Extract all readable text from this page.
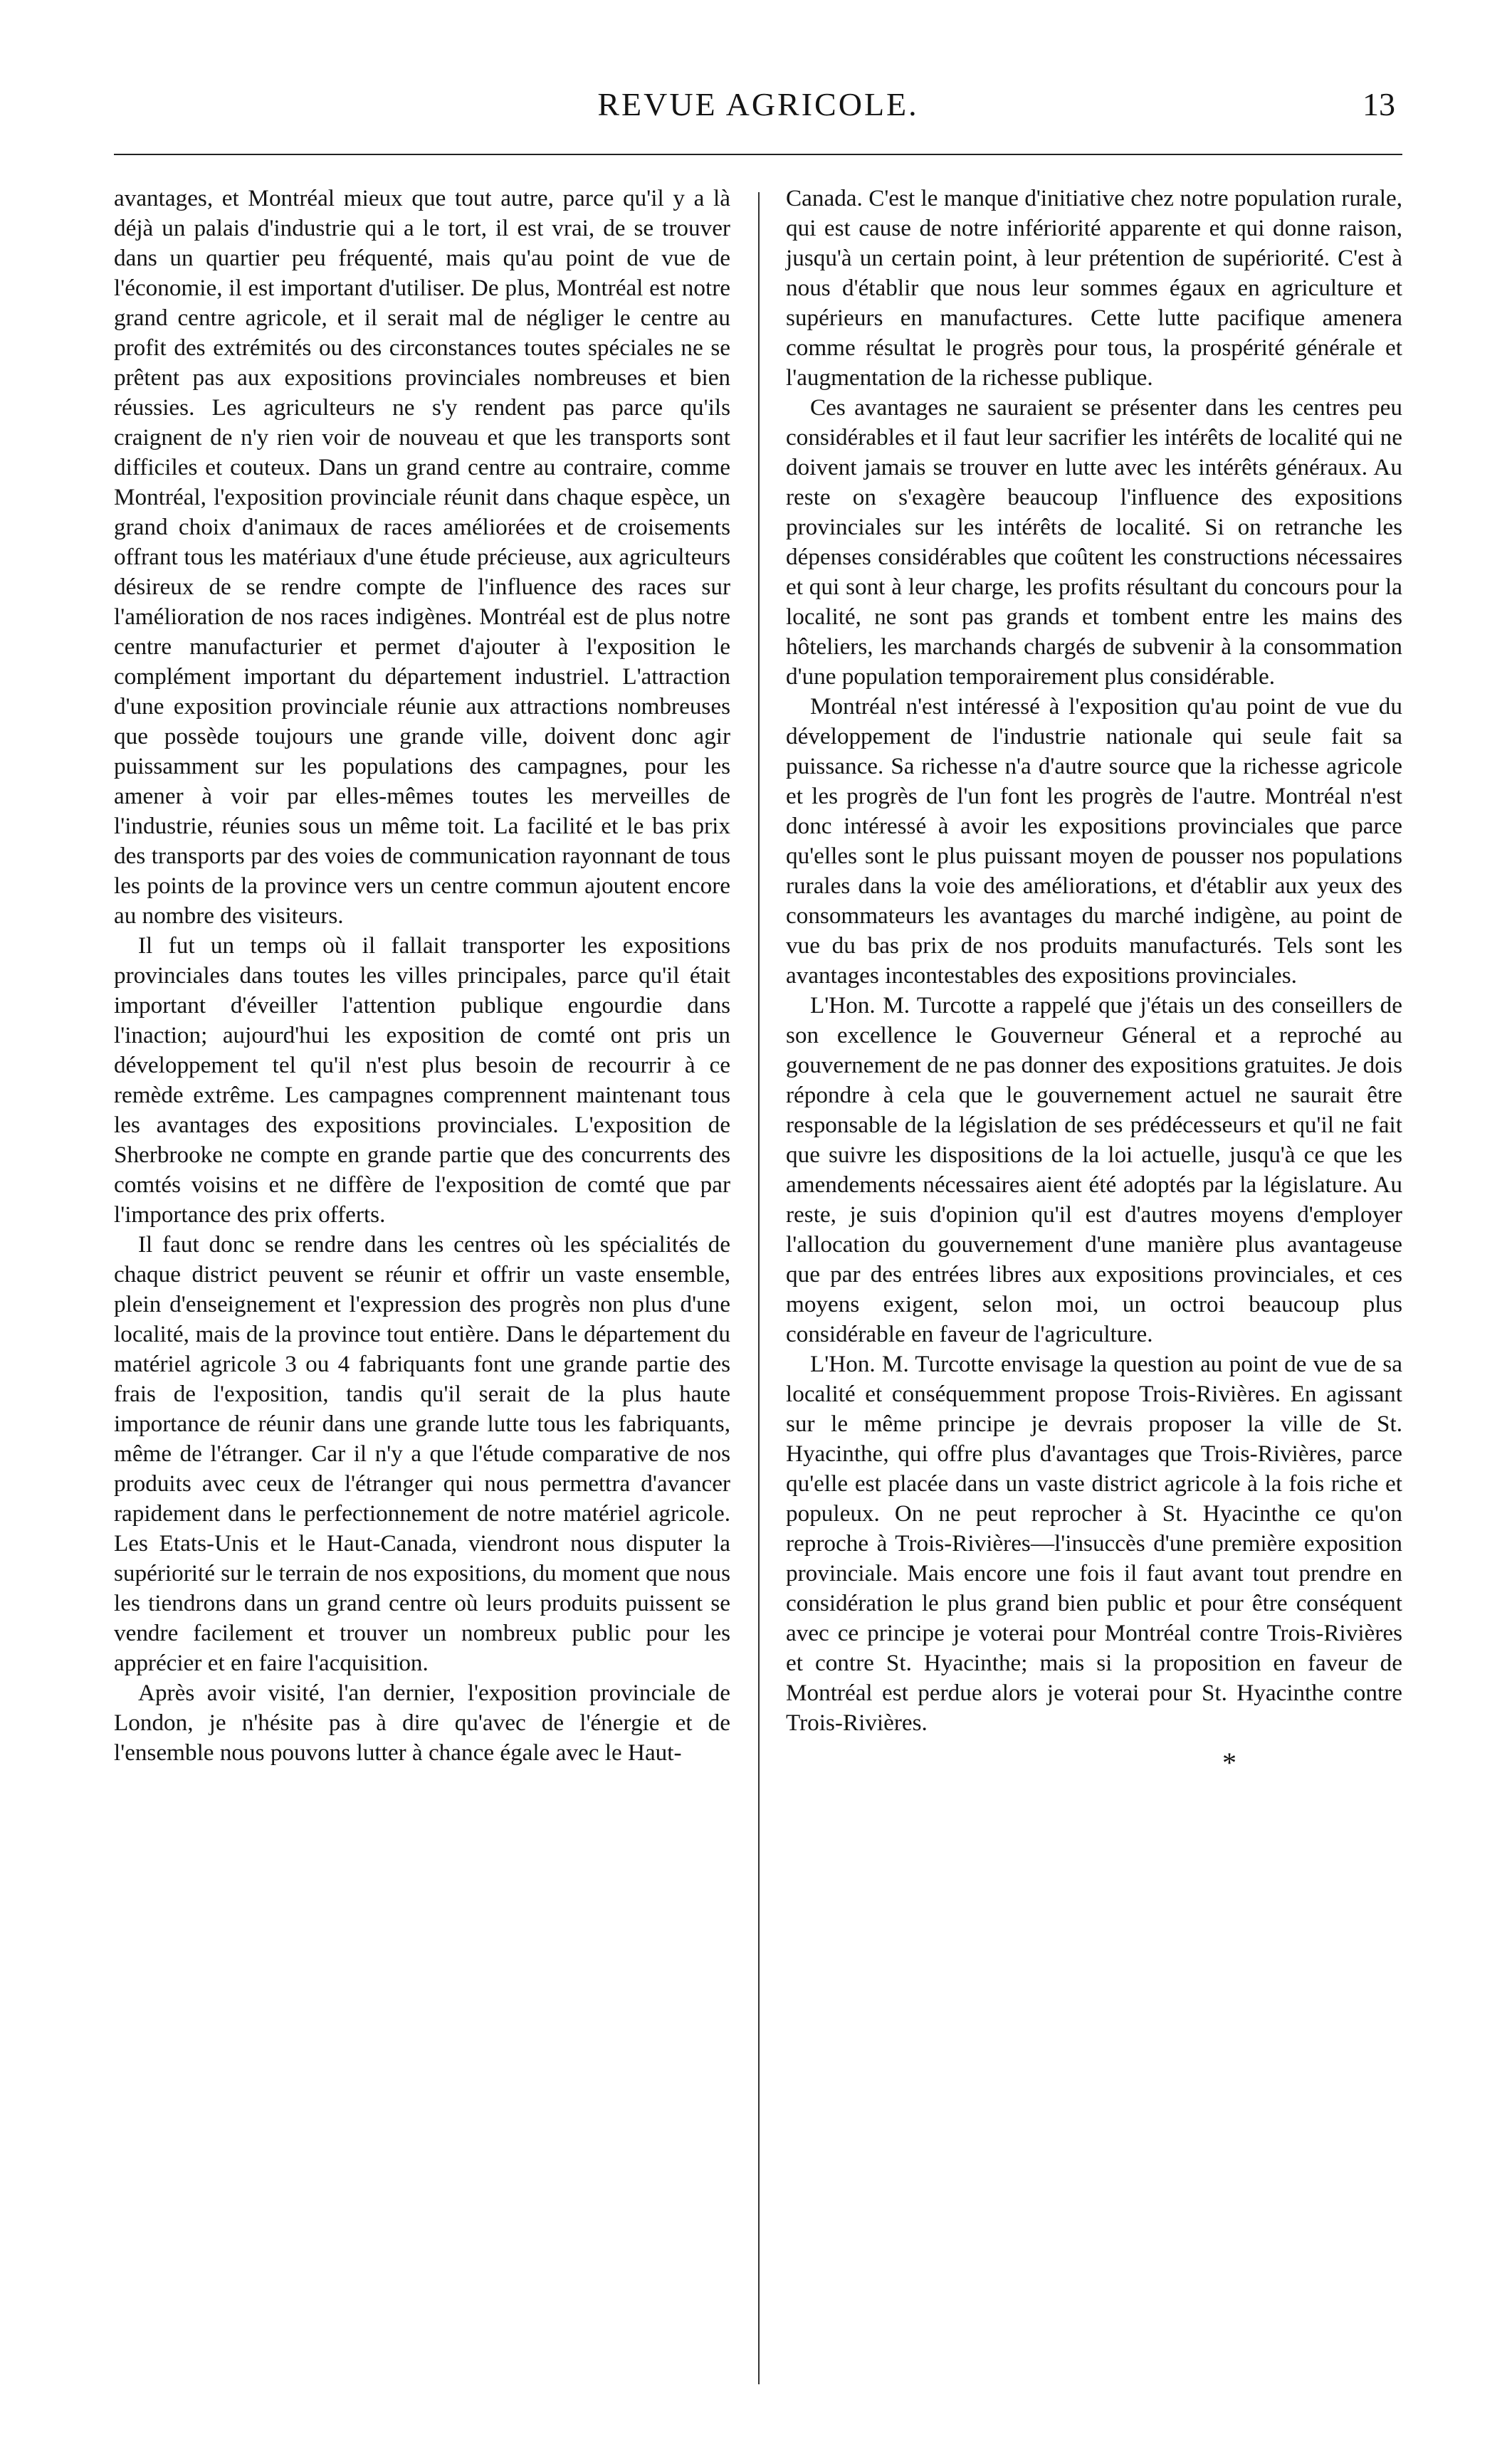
REVUE AGRICOLE.	13

avantages, et Montréal mieux que tout autre, parce qu'il y a là déjà un palais d'industrie qui a le tort, il est vrai, de se trouver dans un quartier peu fréquenté, mais qu'au point de vue de l'économie, il est important d'utiliser. De plus, Montréal est notre grand centre agricole, et il serait mal de négliger le centre au profit des extrémités ou des circonstances toutes spéciales ne se prêtent pas aux expositions provinciales nombreuses et bien réussies. Les agriculteurs ne s'y rendent pas parce qu'ils craignent de n'y rien voir de nouveau et que les transports sont difficiles et couteux. Dans un grand centre au contraire, comme Montréal, l'exposition provinciale réunit dans chaque espèce, un grand choix d'animaux de races améliorées et de croisements offrant tous les matériaux d'une étude précieuse, aux agriculteurs désireux de se rendre compte de l'influence des races sur l'amélioration de nos races indigènes. Montréal est de plus notre centre manufacturier et permet d'ajouter à l'exposition le complément important du département industriel. L'attraction d'une exposition provinciale réunie aux attractions nombreuses que possède toujours une grande ville, doivent donc agir puissamment sur les populations des campagnes, pour les amener à voir par elles-mêmes toutes les merveilles de l'industrie, réunies sous un même toit. La facilité et le bas prix des transports par des voies de communication rayonnant de tous les points de la province vers un centre commun ajoutent encore au nombre des visiteurs.

Il fut un temps où il fallait transporter les expositions provinciales dans toutes les villes principales, parce qu'il était important d'éveiller l'attention publique engourdie dans l'inaction; aujourd'hui les exposition de comté ont pris un développement tel qu'il n'est plus besoin de recourrir à ce remède extrême. Les campagnes comprennent maintenant tous les avantages des expositions provinciales. L'exposition de Sherbrooke ne compte en grande partie que des concurrents des comtés voisins et ne diffère de l'exposition de comté que par l'importance des prix offerts.

Il faut donc se rendre dans les centres où les spécialités de chaque district peuvent se réunir et offrir un vaste ensemble, plein d'enseignement et l'expression des progrès non plus d'une localité, mais de la province tout entière. Dans le département du matériel agricole 3 ou 4 fabriquants font une grande partie des frais de l'exposition, tandis qu'il serait de la plus haute importance de réunir dans une grande lutte tous les fabriquants, même de l'étranger. Car il n'y a que l'étude comparative de nos produits avec ceux de l'étranger qui nous permettra d'avancer rapidement dans le perfectionnement de notre matériel agricole. Les Etats-Unis et le Haut-Canada, viendront nous disputer la supériorité sur le terrain de nos expositions, du moment que nous les tiendrons dans un grand centre où leurs produits puissent se vendre facilement et trouver un nombreux public pour les apprécier et en faire l'acquisition.

Après avoir visité, l'an dernier, l'exposition provinciale de London, je n'hésite pas à dire qu'avec de l'énergie et de l'ensemble nous pouvons lutter à chance égale avec le Haut-

Canada. C'est le manque d'initiative chez notre population rurale, qui est cause de notre infériorité apparente et qui donne raison, jusqu'à un certain point, à leur prétention de supériorité. C'est à nous d'établir que nous leur sommes égaux en agriculture et supérieurs en manufactures. Cette lutte pacifique amenera comme résultat le progrès pour tous, la prospérité générale et l'augmentation de la richesse publique.

Ces avantages ne sauraient se présenter dans les centres peu considérables et il faut leur sacrifier les intérêts de localité qui ne doivent jamais se trouver en lutte avec les intérêts généraux. Au reste on s'exagère beaucoup l'influence des expositions provinciales sur les intérêts de localité. Si on retranche les dépenses considérables que coûtent les constructions nécessaires et qui sont à leur charge, les profits résultant du concours pour la localité, ne sont pas grands et tombent entre les mains des hôteliers, les marchands chargés de subvenir à la consommation d'une population temporairement plus considérable.

Montréal n'est intéressé à l'exposition qu'au point de vue du développement de l'industrie nationale qui seule fait sa puissance. Sa richesse n'a d'autre source que la richesse agricole et les progrès de l'un font les progrès de l'autre. Montréal n'est donc intéressé à avoir les expositions provinciales que parce qu'elles sont le plus puissant moyen de pousser nos populations rurales dans la voie des améliorations, et d'établir aux yeux des consommateurs les avantages du marché indigène, au point de vue du bas prix de nos produits manufacturés. Tels sont les avantages incontestables des expositions provinciales.

L'Hon. M. Turcotte a rappelé que j'étais un des conseillers de son excellence le Gouverneur Géneral et a reproché au gouvernement de ne pas donner des expositions gratuites. Je dois répondre à cela que le gouvernement actuel ne saurait être responsable de la législation de ses prédécesseurs et qu'il ne fait que suivre les dispositions de la loi actuelle, jusqu'à ce que les amendements nécessaires aient été adoptés par la législature. Au reste, je suis d'opinion qu'il est d'autres moyens d'employer l'allocation du gouvernement d'une manière plus avantageuse que par des entrées libres aux expositions provinciales, et ces moyens exigent, selon moi, un octroi beaucoup plus considérable en faveur de l'agriculture.

L'Hon. M. Turcotte envisage la question au point de vue de sa localité et conséquemment propose Trois-Rivières. En agissant sur le même principe je devrais proposer la ville de St. Hyacinthe, qui offre plus d'avantages que Trois-Rivières, parce qu'elle est placée dans un vaste district agricole à la fois riche et populeux. On ne peut reprocher à St. Hyacinthe ce qu'on reproche à Trois-Rivières—l'insuccès d'une première exposition provinciale. Mais encore une fois il faut avant tout prendre en considération le plus grand bien public et pour être conséquent avec ce principe je voterai pour Montréal contre Trois-Rivières et contre St. Hyacinthe; mais si la proposition en faveur de Montréal est perdue alors je voterai pour St. Hyacinthe contre Trois-Rivières.

*
